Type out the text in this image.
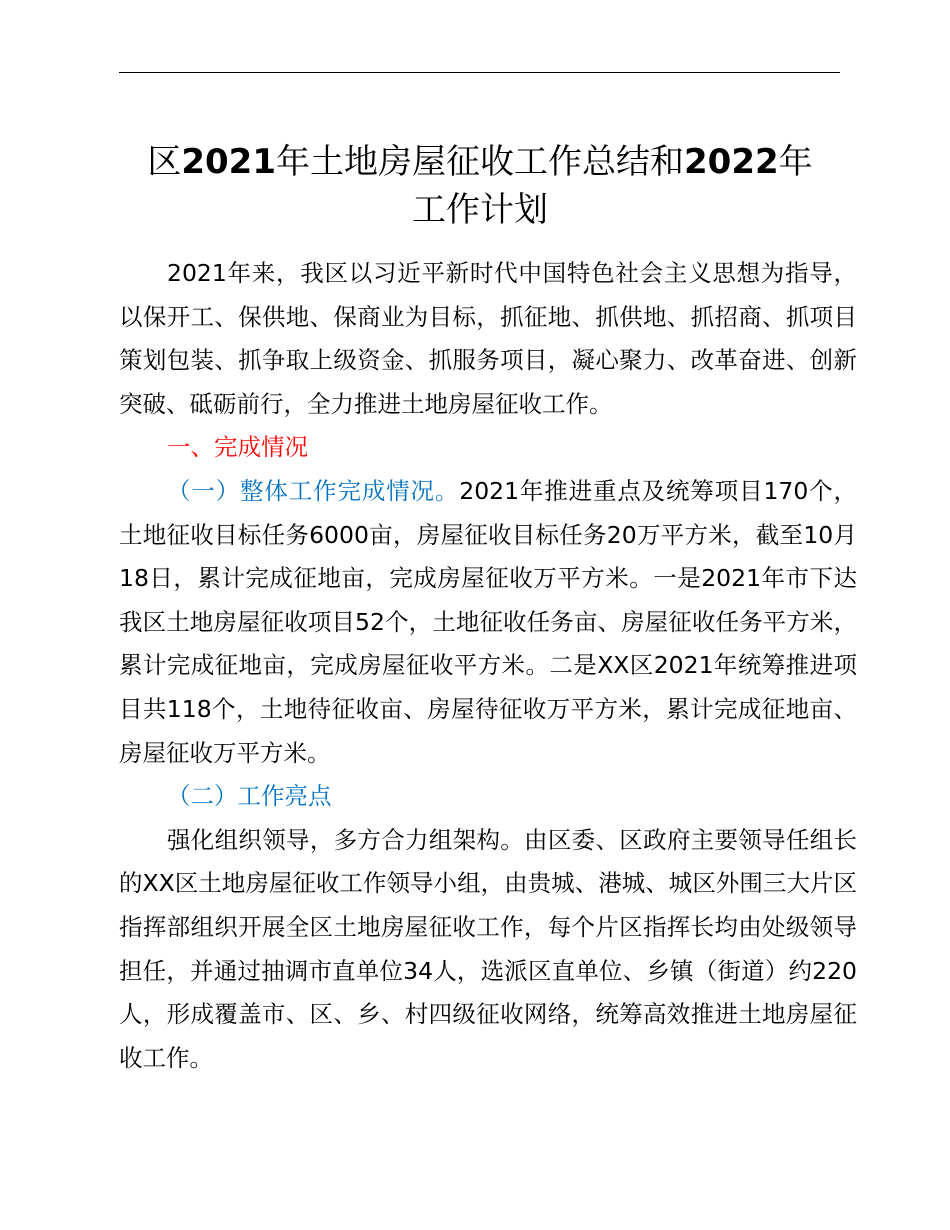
区2021年土地房屋征收工作总结和2022年
工作计划

2021年来，我区以习近平新时代中国特色社会主义思想为指导，以保开工、保供地、保商业为目标，抓征地、抓供地、抓招商、抓项目策划包装、抓争取上级资金、抓服务项目，凝心聚力、改革奋进、创新突破、砥砺前行，全力推进土地房屋征收工作。

一、完成情况

（一）整体工作完成情况。2021年推进重点及统筹项目170个，土地征收目标任务6000亩，房屋征收目标任务20万平方米，截至10月18日，累计完成征地亩，完成房屋征收万平方米。一是2021年市下达我区土地房屋征收项目52个，土地征收任务亩、房屋征收任务平方米，累计完成征地亩，完成房屋征收平方米。二是XX区2021年统筹推进项目共118个，土地待征收亩、房屋待征收万平方米，累计完成征地亩、房屋征收万平方米。

（二）工作亮点

强化组织领导，多方合力组架构。由区委、区政府主要领导任组长的XX区土地房屋征收工作领导小组，由贵城、港城、城区外围三大片区指挥部组织开展全区土地房屋征收工作，每个片区指挥长均由处级领导担任，并通过抽调市直单位34人，选派区直单位、乡镇（街道）约220人，形成覆盖市、区、乡、村四级征收网络，统筹高效推进土地房屋征收工作。
